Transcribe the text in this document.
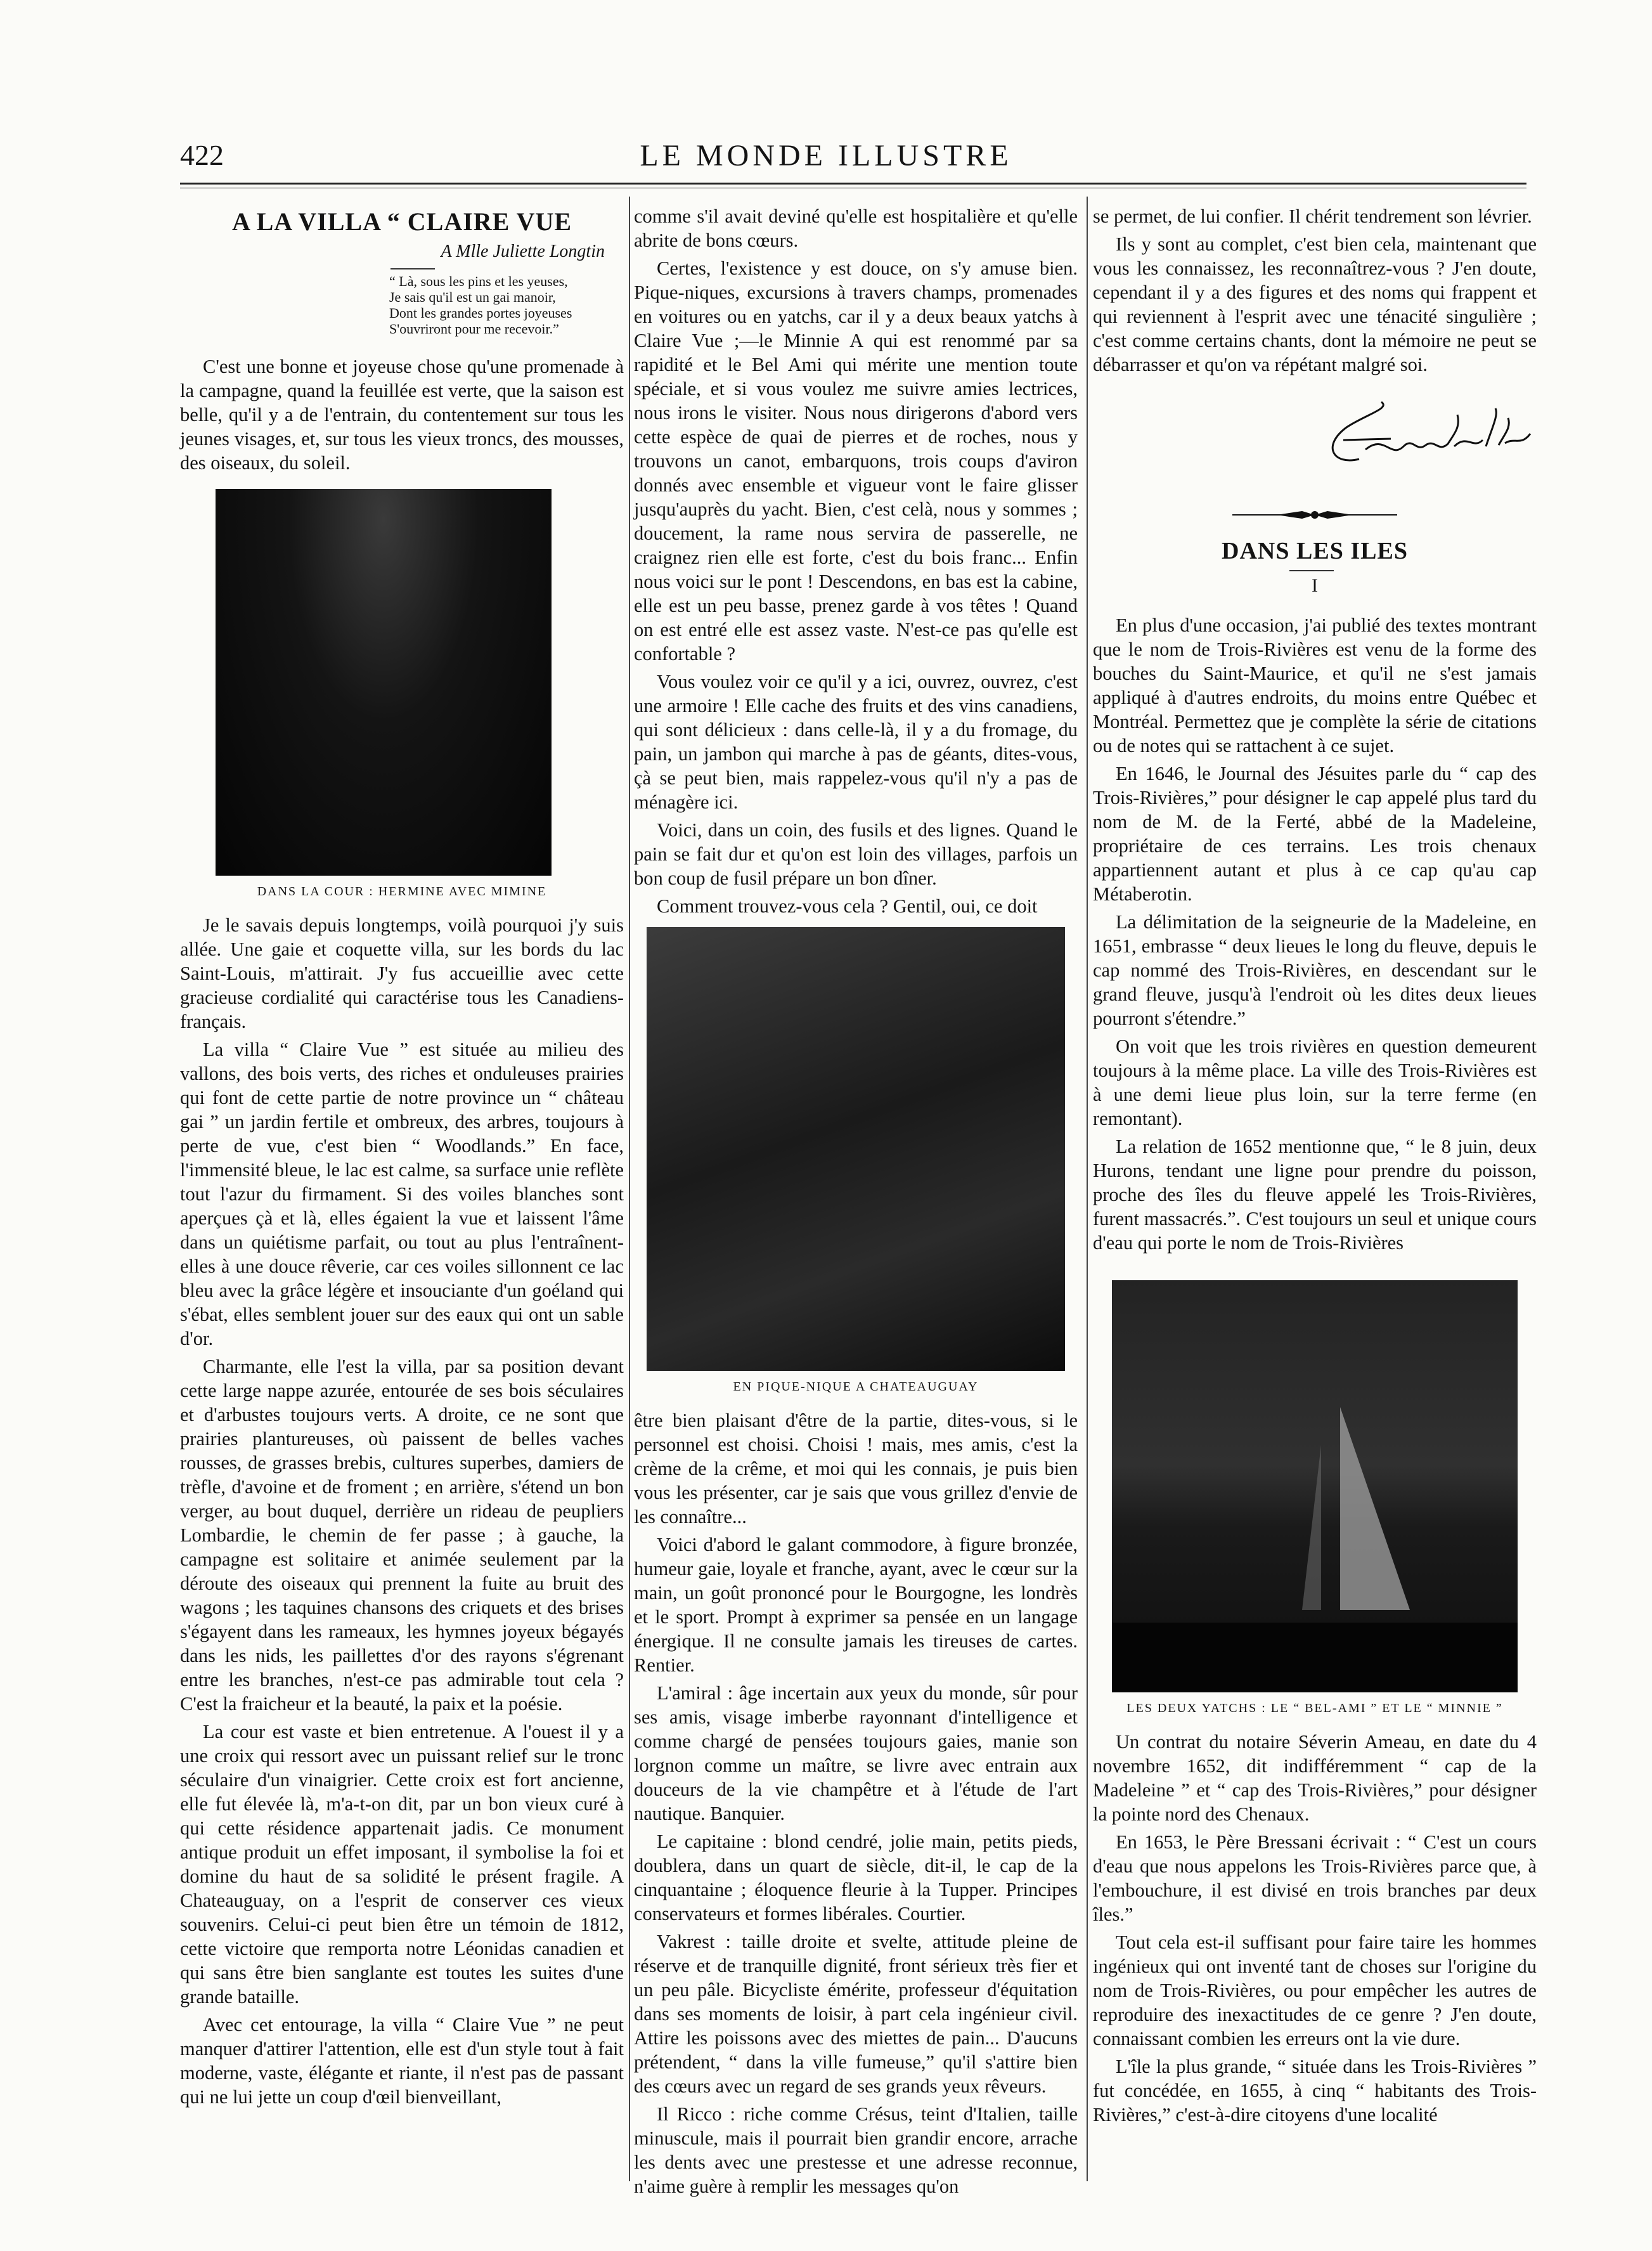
422	LE MONDE ILLUSTRE
A LA VILLA “ CLAIRE VUE
A Mlle Juliette Longtin
“ Là, sous les pins et les yeuses,
Je sais qu'il est un gai manoir,
Dont les grandes portes joyeuses
S'ouvriront pour me recevoir.”

C'est une bonne et joyeuse chose qu'une promenade à la campagne, quand la feuillée est verte, que la saison est belle, qu'il y a de l'entrain, du contentement sur tous les jeunes visages, et, sur tous les vieux troncs, des mousses, des oiseaux, du soleil.

DANS LA COUR : HERMINE AVEC MIMINE

Je le savais depuis longtemps, voilà pourquoi j'y suis allée. Une gaie et coquette villa, sur les bords du lac Saint-Louis, m'attirait. J'y fus accueillie avec cette gracieuse cordialité qui caractérise tous les Canadiens-français.

La villa “ Claire Vue ” est située au milieu des vallons, des bois verts, des riches et onduleuses prairies qui font de cette partie de notre province un “ château gai ” un jardin fertile et ombreux, des arbres, toujours à perte de vue, c'est bien “ Woodlands.” En face, l'immensité bleue, le lac est calme, sa surface unie reflète tout l'azur du firmament. Si des voiles blanches sont aperçues çà et là, elles égaient la vue et laissent l'âme dans un quiétisme parfait, ou tout au plus l'entraînent-elles à une douce rêverie, car ces voiles sillonnent ce lac bleu avec la grâce légère et insouciante d'un goéland qui s'ébat, elles semblent jouer sur des eaux qui ont un sable d'or.

Charmante, elle l'est la villa, par sa position devant cette large nappe azurée, entourée de ses bois séculaires et d'arbustes toujours verts. A droite, ce ne sont que prairies plantureuses, où paissent de belles vaches rousses, de grasses brebis, cultures superbes, damiers de trèfle, d'avoine et de froment ; en arrière, s'étend un bon verger, au bout duquel, derrière un rideau de peupliers Lombardie, le chemin de fer passe ; à gauche, la campagne est solitaire et animée seulement par la déroute des oiseaux qui prennent la fuite au bruit des wagons ; les taquines chansons des criquets et des brises s'égayent dans les rameaux, les hymnes joyeux bégayés dans les nids, les paillettes d'or des rayons s'égrenant entre les branches, n'est-ce pas admirable tout cela ? C'est la fraicheur et la beauté, la paix et la poésie.

La cour est vaste et bien entretenue. A l'ouest il y a une croix qui ressort avec un puissant relief sur le tronc séculaire d'un vinaigrier. Cette croix est fort ancienne, elle fut élevée là, m'a-t-on dit, par un bon vieux curé à qui cette résidence appartenait jadis. Ce monument antique produit un effet imposant, il symbolise la foi et domine du haut de sa solidité le présent fragile. A Chateauguay, on a l'esprit de conserver ces vieux souvenirs. Celui-ci peut bien être un témoin de 1812, cette victoire que remporta notre Léonidas canadien et qui sans être bien sanglante est toutes les suites d'une grande bataille.

Avec cet entourage, la villa “ Claire Vue ” ne peut manquer d'attirer l'attention, elle est d'un style tout à fait moderne, vaste, élégante et riante, il n'est pas de passant qui ne lui jette un coup d'œil bienveillant,

comme s'il avait deviné qu'elle est hospitalière et qu'elle abrite de bons cœurs.

Certes, l'existence y est douce, on s'y amuse bien. Pique-niques, excursions à travers champs, promenades en voitures ou en yatchs, car il y a deux beaux yatchs à Claire Vue ;—le Minnie A qui est renommé par sa rapidité et le Bel Ami qui mérite une mention toute spéciale, et si vous voulez me suivre amies lectrices, nous irons le visiter. Nous nous dirigerons d'abord vers cette espèce de quai de pierres et de roches, nous y trouvons un canot, embarquons, trois coups d'aviron donnés avec ensemble et vigueur vont le faire glisser jusqu'auprès du yacht. Bien, c'est celà, nous y sommes ; doucement, la rame nous servira de passerelle, ne craignez rien elle est forte, c'est du bois franc... Enfin nous voici sur le pont ! Descendons, en bas est la cabine, elle est un peu basse, prenez garde à vos têtes ! Quand on est entré elle est assez vaste. N'est-ce pas qu'elle est confortable ?

Vous voulez voir ce qu'il y a ici, ouvrez, ouvrez, c'est une armoire ! Elle cache des fruits et des vins canadiens, qui sont délicieux : dans celle-là, il y a du fromage, du pain, un jambon qui marche à pas de géants, dites-vous, çà se peut bien, mais rappelez-vous qu'il n'y a pas de ménagère ici.

Voici, dans un coin, des fusils et des lignes. Quand le pain se fait dur et qu'on est loin des villages, parfois un bon coup de fusil prépare un bon dîner.

Comment trouvez-vous cela ? Gentil, oui, ce doit

EN PIQUE-NIQUE A CHATEAUGUAY

être bien plaisant d'être de la partie, dites-vous, si le personnel est choisi. Choisi ! mais, mes amis, c'est la crème de la crême, et moi qui les connais, je puis bien vous les présenter, car je sais que vous grillez d'envie de les connaître...

Voici d'abord le galant commodore, à figure bronzée, humeur gaie, loyale et franche, ayant, avec le cœur sur la main, un goût prononcé pour le Bourgogne, les londrès et le sport. Prompt à exprimer sa pensée en un langage énergique. Il ne consulte jamais les tireuses de cartes. Rentier.

L'amiral : âge incertain aux yeux du monde, sûr pour ses amis, visage imberbe rayonnant d'intelligence et comme chargé de pensées toujours gaies, manie son lorgnon comme un maître, se livre avec entrain aux douceurs de la vie champêtre et à l'étude de l'art nautique. Banquier.

Le capitaine : blond cendré, jolie main, petits pieds, doublera, dans un quart de siècle, dit-il, le cap de la cinquantaine ; éloquence fleurie à la Tupper. Principes conservateurs et formes libérales. Courtier.

Vakrest : taille droite et svelte, attitude pleine de réserve et de tranquille dignité, front sérieux très fier et un peu pâle. Bicycliste émérite, professeur d'équitation dans ses moments de loisir, à part cela ingénieur civil. Attire les poissons avec des miettes de pain... D'aucuns prétendent, “ dans la ville fumeuse,” qu'il s'attire bien des cœurs avec un regard de ses grands yeux rêveurs.

Il Ricco : riche comme Crésus, teint d'Italien, taille minuscule, mais il pourrait bien grandir encore, arrache les dents avec une prestesse et une adresse reconnue, n'aime guère à remplir les messages qu'on

se permet, de lui confier. Il chérit tendrement son lévrier.

Ils y sont au complet, c'est bien cela, maintenant que vous les connaissez, les reconnaîtrez-vous ? J'en doute, cependant il y a des figures et des noms qui frappent et qui reviennent à l'esprit avec une ténacité singulière ; c'est comme certains chants, dont la mémoire ne peut se débarrasser et qu'on va répétant malgré soi.

DANS LES ILES
I

En plus d'une occasion, j'ai publié des textes montrant que le nom de Trois-Rivières est venu de la forme des bouches du Saint-Maurice, et qu'il ne s'est jamais appliqué à d'autres endroits, du moins entre Québec et Montréal. Permettez que je complète la série de citations ou de notes qui se rattachent à ce sujet.

En 1646, le Journal des Jésuites parle du “ cap des Trois-Rivières,” pour désigner le cap appelé plus tard du nom de M. de la Ferté, abbé de la Madeleine, propriétaire de ces terrains. Les trois chenaux appartiennent autant et plus à ce cap qu'au cap Métaberotin.

La délimitation de la seigneurie de la Madeleine, en 1651, embrasse “ deux lieues le long du fleuve, depuis le cap nommé des Trois-Rivières, en descendant sur le grand fleuve, jusqu'à l'endroit où les dites deux lieues pourront s'étendre.”

On voit que les trois rivières en question demeurent toujours à la même place. La ville des Trois-Rivières est à une demi lieue plus loin, sur la terre ferme (en remontant).

La relation de 1652 mentionne que, “ le 8 juin, deux Hurons, tendant une ligne pour prendre du poisson, proche des îles du fleuve appelé les Trois-Rivières, furent massacrés.”. C'est toujours un seul et unique cours d'eau qui porte le nom de Trois-Rivières

LES DEUX YATCHS : LE “ BEL-AMI ” ET LE “ MINNIE ”

Un contrat du notaire Séverin Ameau, en date du 4 novembre 1652, dit indifféremment “ cap de la Madeleine ” et “ cap des Trois-Rivières,” pour désigner la pointe nord des Chenaux.

En 1653, le Père Bressani écrivait : “ C'est un cours d'eau que nous appelons les Trois-Rivières parce que, à l'embouchure, il est divisé en trois branches par deux îles.”

Tout cela est-il suffisant pour faire taire les hommes ingénieux qui ont inventé tant de choses sur l'origine du nom de Trois-Rivières, ou pour empêcher les autres de reproduire des inexactitudes de ce genre ? J'en doute, connaissant combien les erreurs ont la vie dure.

L'île la plus grande, “ située dans les Trois-Rivières ” fut concédée, en 1655, à cinq “ habitants des Trois-Rivières,” c'est-à-dire citoyens d'une localité
